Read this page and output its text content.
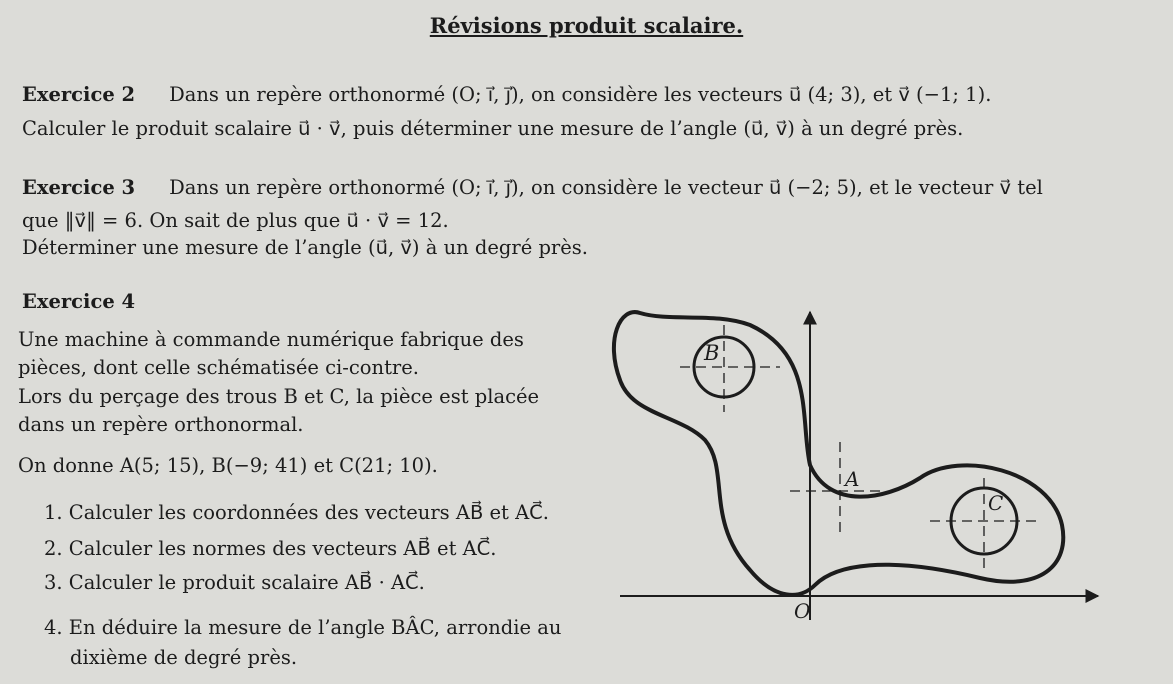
Révisions produit scalaire.
Exercice 2 Dans un repère orthonormé (O; i⃗, j⃗), on considère les vecteurs u⃗ (4; 3), et v⃗ (−1; 1).
Calculer le produit scalaire u⃗ · v⃗, puis déterminer une mesure de l’angle (u⃗, v⃗) à un degré près.
Exercice 3 Dans un repère orthonormé (O; i⃗, j⃗), on considère le vecteur u⃗ (−2; 5), et le vecteur v⃗ tel
que ‖v⃗‖ = 6. On sait de plus que u⃗ · v⃗ = 12.
Déterminer une mesure de l’angle (u⃗, v⃗) à un degré près.
Exercice 4
Une machine à commande numérique fabrique des
pièces, dont celle schématisée ci-contre.
Lors du perçage des trous B et C, la pièce est placée
dans un repère orthonormal.
On donne A(5; 15), B(−9; 41) et C(21; 10).
1. Calculer les coordonnées des vecteurs AB⃗ et AC⃗.
2. Calculer les normes des vecteurs AB⃗ et AC⃗.
3. Calculer le produit scalaire AB⃗ · AC⃗.
4. En déduire la mesure de l’angle BÂC, arrondie au
dixième de degré près.
B
A
C
O
